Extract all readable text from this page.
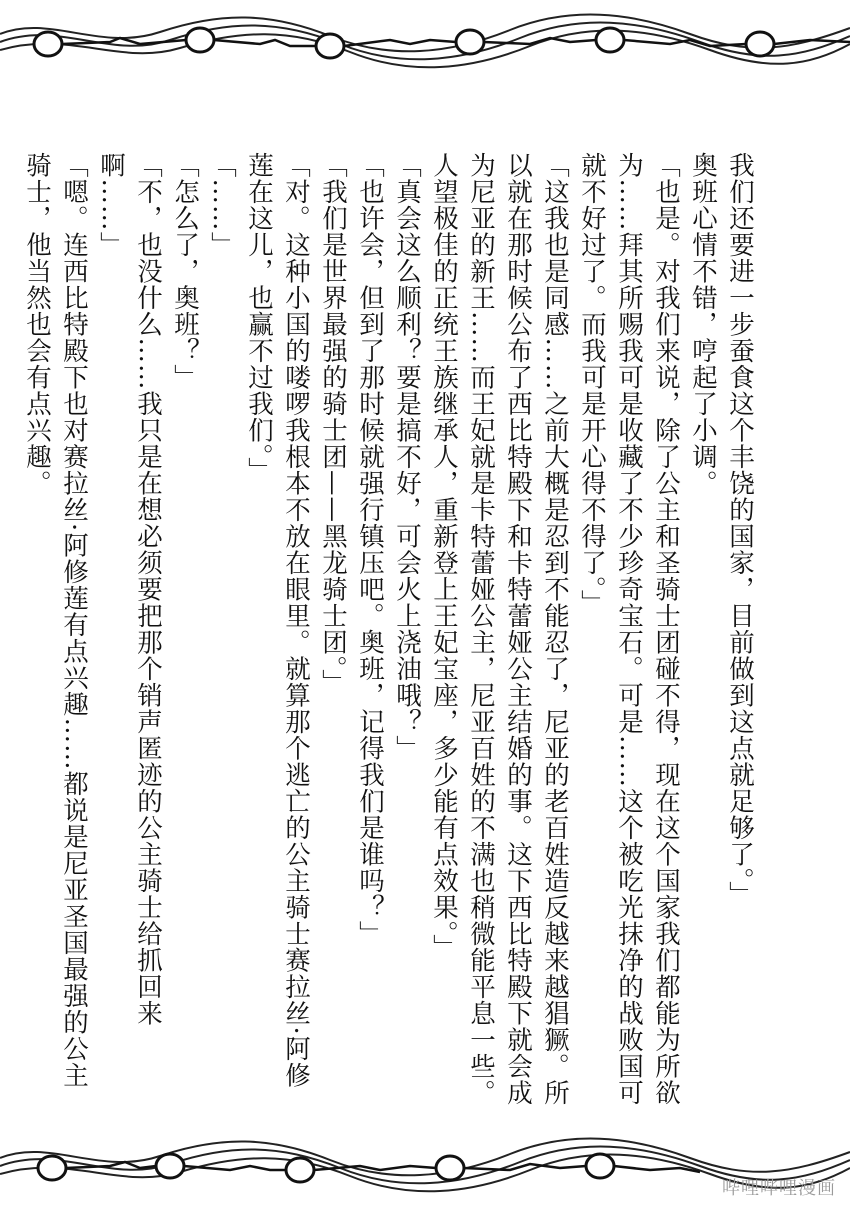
我们还要进一步蚕食这个丰饶的国家，目前做到这点就足够了。」

奥班心情不错，哼起了小调。

「也是。对我们来说，除了公主和圣骑士团碰不得，现在这个国家我们都能为所欲为……拜其所赐我可是收藏了不少珍奇宝石。可是……这个被吃光抹净的战败国可就不好过了。而我可是开心得不得了。」

「这我也是同感……之前大概是忍到不能忍了，尼亚的老百姓造反越来越猖獗。所以就在那时候公布了西比特殿下和卡特蕾娅公主结婚的事。这下西比特殿下就会成为尼亚的新王……而王妃就是卡特蕾娅公主，尼亚百姓的不满也稍微能平息一些。人望极佳的正统王族继承人，重新登上王妃宝座，多少能有点效果。」

「真会这么顺利？要是搞不好，可会火上浇油哦？」

「也许会，但到了那时候就强行镇压吧。奥班，记得我们是谁吗？」

「我们是世界最强的骑士团——黑龙骑士团。」

「对。这种小国的喽啰我根本不放在眼里。就算那个逃亡的公主骑士赛拉丝·阿修莲在这儿，也赢不过我们。」

「……」

「怎么了，奥班？」

「不，也没什么……我只是在想必须要把那个销声匿迹的公主骑士给抓回来啊……」

「嗯。连西比特殿下也对赛拉丝·阿修莲有点兴趣……都说是尼亚圣国最强的公主骑士，他当然也会有点兴趣。

哔哩哔哩漫画
